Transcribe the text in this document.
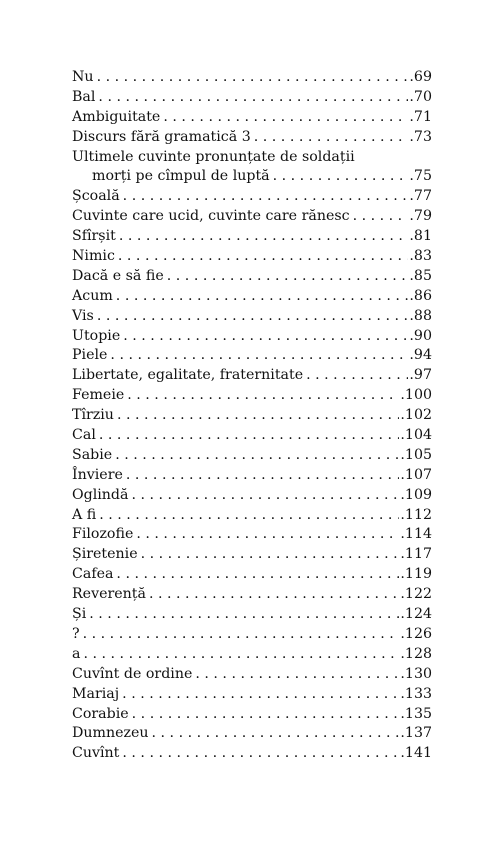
Nu . . .	.69
Bal . . .	.70
Ambiguitate . . .	.71
Discurs fără gramatică 3 . . .	.73
Ultimele cuvinte pronunțate de soldații
morți pe cîmpul de luptă . . .	.75
Școală . . .	.77
Cuvinte care ucid, cuvinte care rănesc . . .	.79
Sfîrșit . . .	.81
Nimic . . .	.83
Dacă e să fie . . .	.85
Acum . . .	.86
Vis . . .	.88
Utopie . . .	.90
Piele . . .	.94
Libertate, egalitate, fraternitate . . .	.97
Femeie . . .	.100
Tîrziu . . .	.102
Cal . . .	.104
Sabie . . .	.105
Înviere . . .	.107
Oglindă . . .	.109
A fi . . .	.112
Filozofie . . .	.114
Șiretenie . . .	.117
Cafea . . .	.119
Reverență . . .	.122
Și . . .	.124
? . . .	.126
a . . .	.128
Cuvînt de ordine . . .	.130
Mariaj . . .	.133
Corabie . . .	.135
Dumnezeu . . .	.137
Cuvînt . . .	.141
